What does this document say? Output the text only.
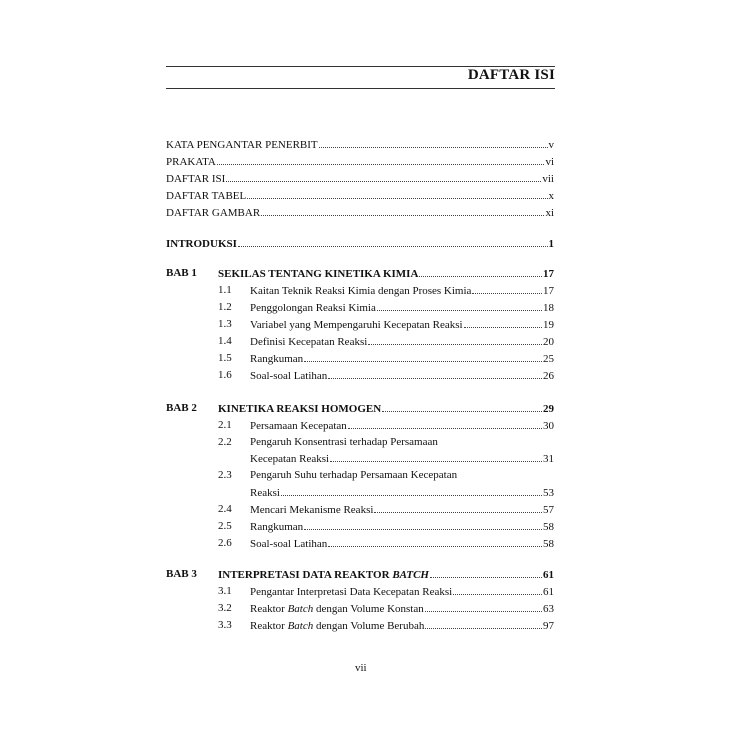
DAFTAR ISI
KATA PENGANTAR PENERBIT	v
PRAKATA	vi
DAFTAR ISI	vii
DAFTAR TABEL	x
DAFTAR GAMBAR	xi
INTRODUKSI	1
BAB 1 SEKILAS TENTANG KINETIKA KIMIA	17
1.1 Kaitan Teknik Reaksi Kimia dengan Proses Kimia	17
1.2 Penggolongan Reaksi Kimia	18
1.3 Variabel yang Mempengaruhi Kecepatan Reaksi	19
1.4 Definisi Kecepatan Reaksi	20
1.5 Rangkuman	25
1.6 Soal-soal Latihan	26
BAB 2 KINETIKA REAKSI HOMOGEN	29
2.1 Persamaan Kecepatan	30
2.2 Pengaruh Konsentrasi terhadap Persamaan
Kecepatan Reaksi	31
2.3 Pengaruh Suhu terhadap Persamaan Kecepatan
Reaksi	53
2.4 Mencari Mekanisme Reaksi	57
2.5 Rangkuman	58
2.6 Soal-soal Latihan	58
BAB 3 INTERPRETASI DATA REAKTOR BATCH	61
3.1 Pengantar Interpretasi Data Kecepatan Reaksi	61
3.2 Reaktor Batch dengan Volume Konstan	63
3.3 Reaktor Batch dengan Volume Berubah	97
vii
